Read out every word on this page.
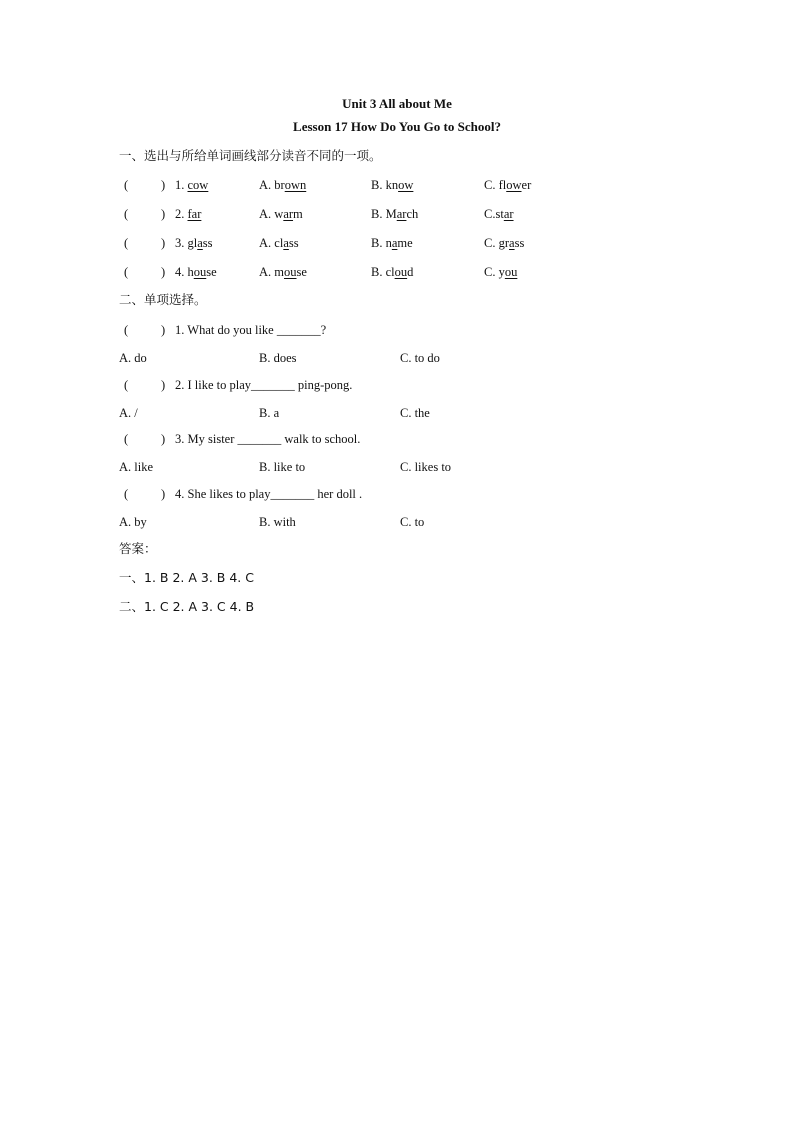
Unit 3 All about Me
Lesson 17 How Do You Go to School?
一、选出与所给单词画线部分读音不同的一项。
(	) 1. cow	A. brown	B. know	C. flower
(	) 2. far	A. warm	B. March	C.star
(	) 3. glass	A. class	B. name	C. grass
(	) 4. house	A. mouse	B. cloud	C. you
二、单项选择。
(	) 1. What do you like _______?
A. do	B. does	C. to do
(	) 2. I like to play_______ ping-pong.
A. /	B. a	C. the
(	) 3. My sister _______ walk to school.
A. like	B. like to	C. likes to
(	) 4. She likes to play_______ her doll .
A. by	B. with	C. to
答案：
一、1. B 2. A 3. B 4. C
二、1. C 2. A 3. C 4. B
